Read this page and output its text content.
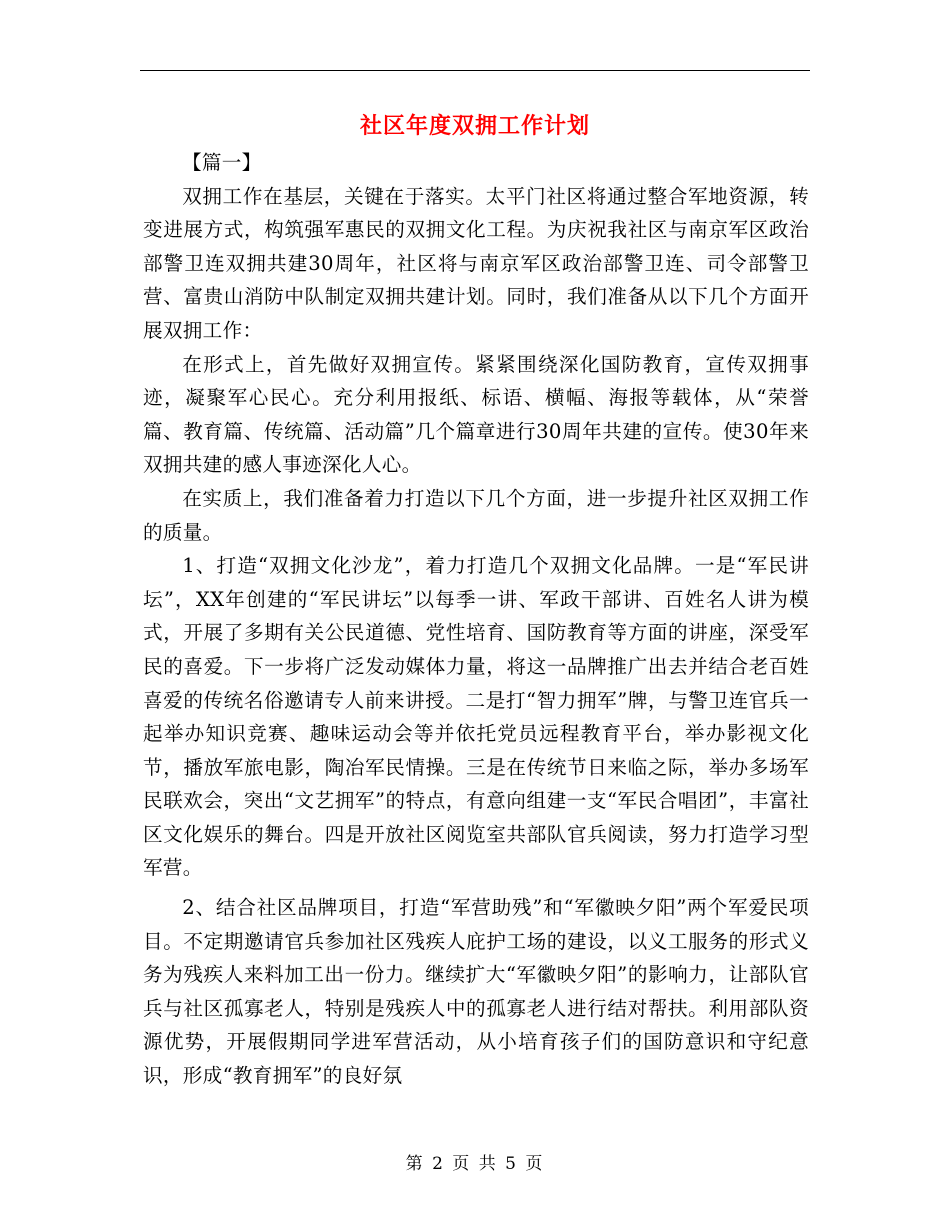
社区年度双拥工作计划

【篇一】

双拥工作在基层，关键在于落实。太平门社区将通过整合军地资源，转变进展方式，构筑强军惠民的双拥文化工程。为庆祝我社区与南京军区政治部警卫连双拥共建30周年，社区将与南京军区政治部警卫连、司令部警卫营、富贵山消防中队制定双拥共建计划。同时，我们准备从以下几个方面开展双拥工作：

在形式上，首先做好双拥宣传。紧紧围绕深化国防教育，宣传双拥事迹，凝聚军心民心。充分利用报纸、标语、横幅、海报等载体，从“荣誉篇、教育篇、传统篇、活动篇”几个篇章进行30周年共建的宣传。使30年来双拥共建的感人事迹深化人心。

在实质上，我们准备着力打造以下几个方面，进一步提升社区双拥工作的质量。

1、打造“双拥文化沙龙”，着力打造几个双拥文化品牌。一是“军民讲坛”，XX年创建的“军民讲坛”以每季一讲、军政干部讲、百姓名人讲为模式，开展了多期有关公民道德、党性培育、国防教育等方面的讲座，深受军民的喜爱。下一步将广泛发动媒体力量，将这一品牌推广出去并结合老百姓喜爱的传统名俗邀请专人前来讲授。二是打“智力拥军”牌，与警卫连官兵一起举办知识竞赛、趣味运动会等并依托党员远程教育平台，举办影视文化节，播放军旅电影，陶冶军民情操。三是在传统节日来临之际，举办多场军民联欢会，突出“文艺拥军”的特点，有意向组建一支“军民合唱团”，丰富社区文化娱乐的舞台。四是开放社区阅览室共部队官兵阅读，努力打造学习型军营。

2、结合社区品牌项目，打造“军营助残”和“军徽映夕阳”两个军爱民项目。不定期邀请官兵参加社区残疾人庇护工场的建设，以义工服务的形式义务为残疾人来料加工出一份力。继续扩大“军徽映夕阳”的影响力，让部队官兵与社区孤寡老人，特别是残疾人中的孤寡老人进行结对帮扶。利用部队资源优势，开展假期同学进军营活动，从小培育孩子们的国防意识和守纪意识，形成“教育拥军”的良好氛

第 2 页 共 5 页
